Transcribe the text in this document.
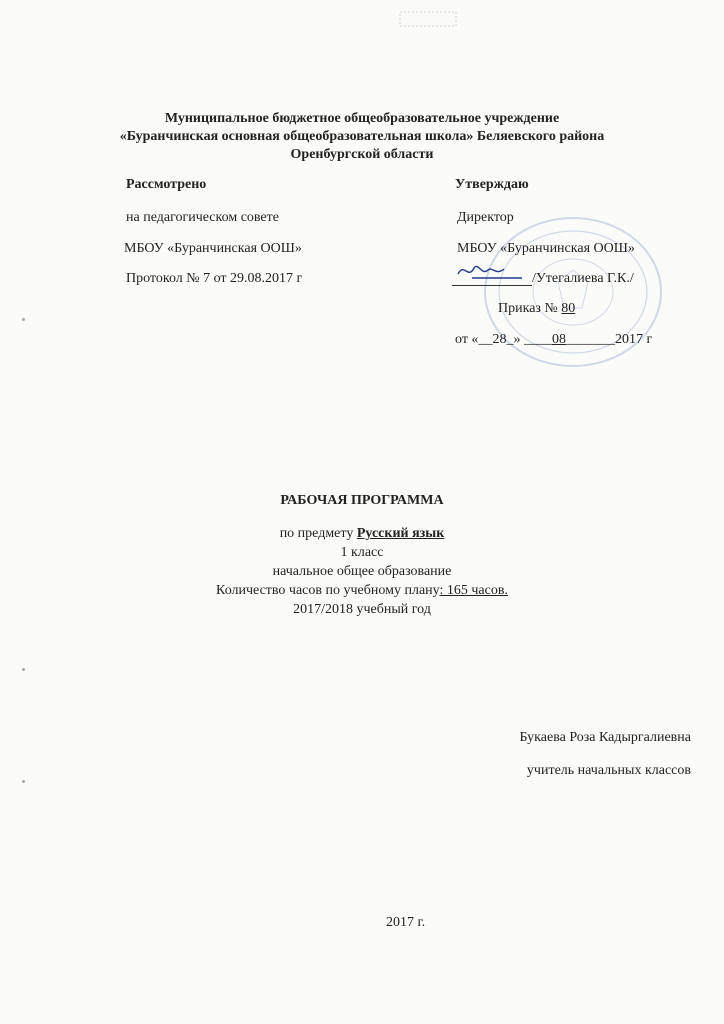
Муниципальное бюджетное общеобразовательное учреждение
«Буранчинская основная общеобразовательная школа» Беляевского района
Оренбургской области
Рассмотрено
на педагогическом совете
МБОУ «Буранчинская ООШ»
Протокол № 7 от 29.08.2017 г
Утверждаю
Директор
МБОУ «Буранчинская ООШ»
/Утегалиева Г.К./
Приказ № 80
от «__28_» ____08_______2017 г
РАБОЧАЯ ПРОГРАММА
по предмету Русский язык
1 класс
начальное общее образование
Количество часов по учебному плану: 165 часов.
2017/2018 учебный год
Букаева Роза Кадыргалиевна
учитель начальных классов
2017 г.
